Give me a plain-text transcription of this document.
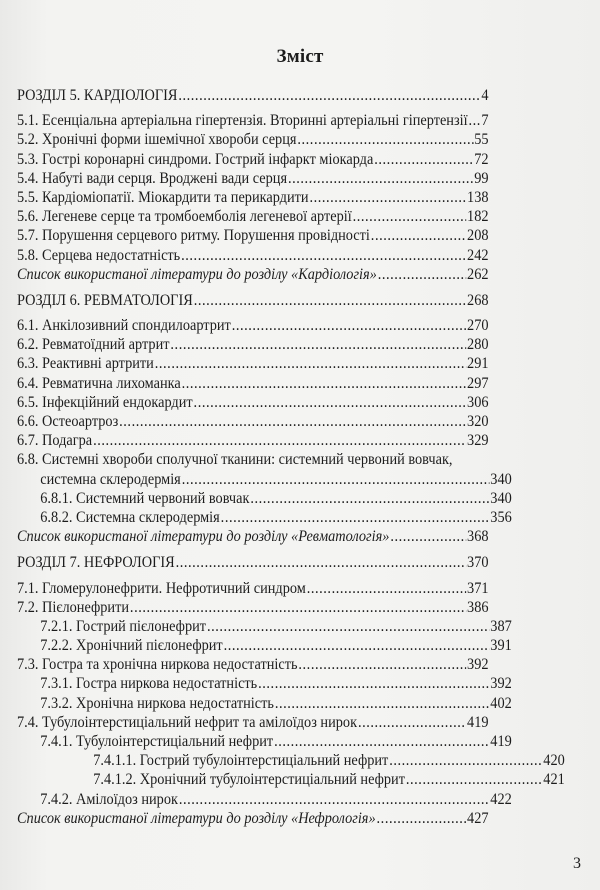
Зміст
РОЗДІЛ 5. КАРДІОЛОГІЯ .....	4
5.1. Есенціальна артеріальна гіпертензія. Вторинні артеріальні гіпертензії ..... 7
5.2. Хронічні форми ішемічної хвороби серця .....	55
5.3. Гострі коронарні синдроми. Гострий інфаркт міокарда .....	72
5.4. Набуті вади серця. Вроджені вади серця .....	99
5.5. Кардіоміопатії. Міокардити та перикардити .....	138
5.6. Легеневе серце та тромбоемболія легеневої артерії .....	182
5.7. Порушення серцевого ритму. Порушення провідності .....	208
5.8. Серцева недостатність .....	242
Список використаної літератури до розділу «Кардіологія» .....	262
РОЗДІЛ 6. РЕВМАТОЛОГІЯ .....	268
6.1. Анкілозивний спондилоартрит .....	270
6.2. Ревматоїдний артрит .....	280
6.3. Реактивні артрити .....	291
6.4. Ревматична лихоманка .....	297
6.5. Інфекційний ендокардит .....	306
6.6. Остеоартроз .....	320
6.7. Подагра .....	329
6.8. Системні хвороби сполучної тканини: системний червоний вовчак,
системна склеродермія .....	340
6.8.1. Системний червоний вовчак .....	340
6.8.2. Системна склеродермія .....	356
Список використаної літератури до розділу «Ревматологія» .....	368
РОЗДІЛ 7. НЕФРОЛОГІЯ .....	370
7.1. Гломерулонефрити. Нефротичний синдром .....	371
7.2. Пієлонефрити .....	386
7.2.1. Гострий пієлонефрит .....	387
7.2.2. Хронічний пієлонефрит .....	391
7.3. Гостра та хронічна ниркова недостатність .....	392
7.3.1. Гостра ниркова недостатність .....	392
7.3.2. Хронічна ниркова недостатність .....	402
7.4. Тубулоінтерстиціальний нефрит та амілоїдоз нирок .....	419
7.4.1. Тубулоінтерстиціальний нефрит .....	419
7.4.1.1. Гострий тубулоінтерстиціальний нефрит .....	420
7.4.1.2. Хронічний тубулоінтерстиціальний нефрит .....	421
7.4.2. Амілоїдоз нирок .....	422
Список використаної літератури до розділу «Нефрологія» .....	427
3
